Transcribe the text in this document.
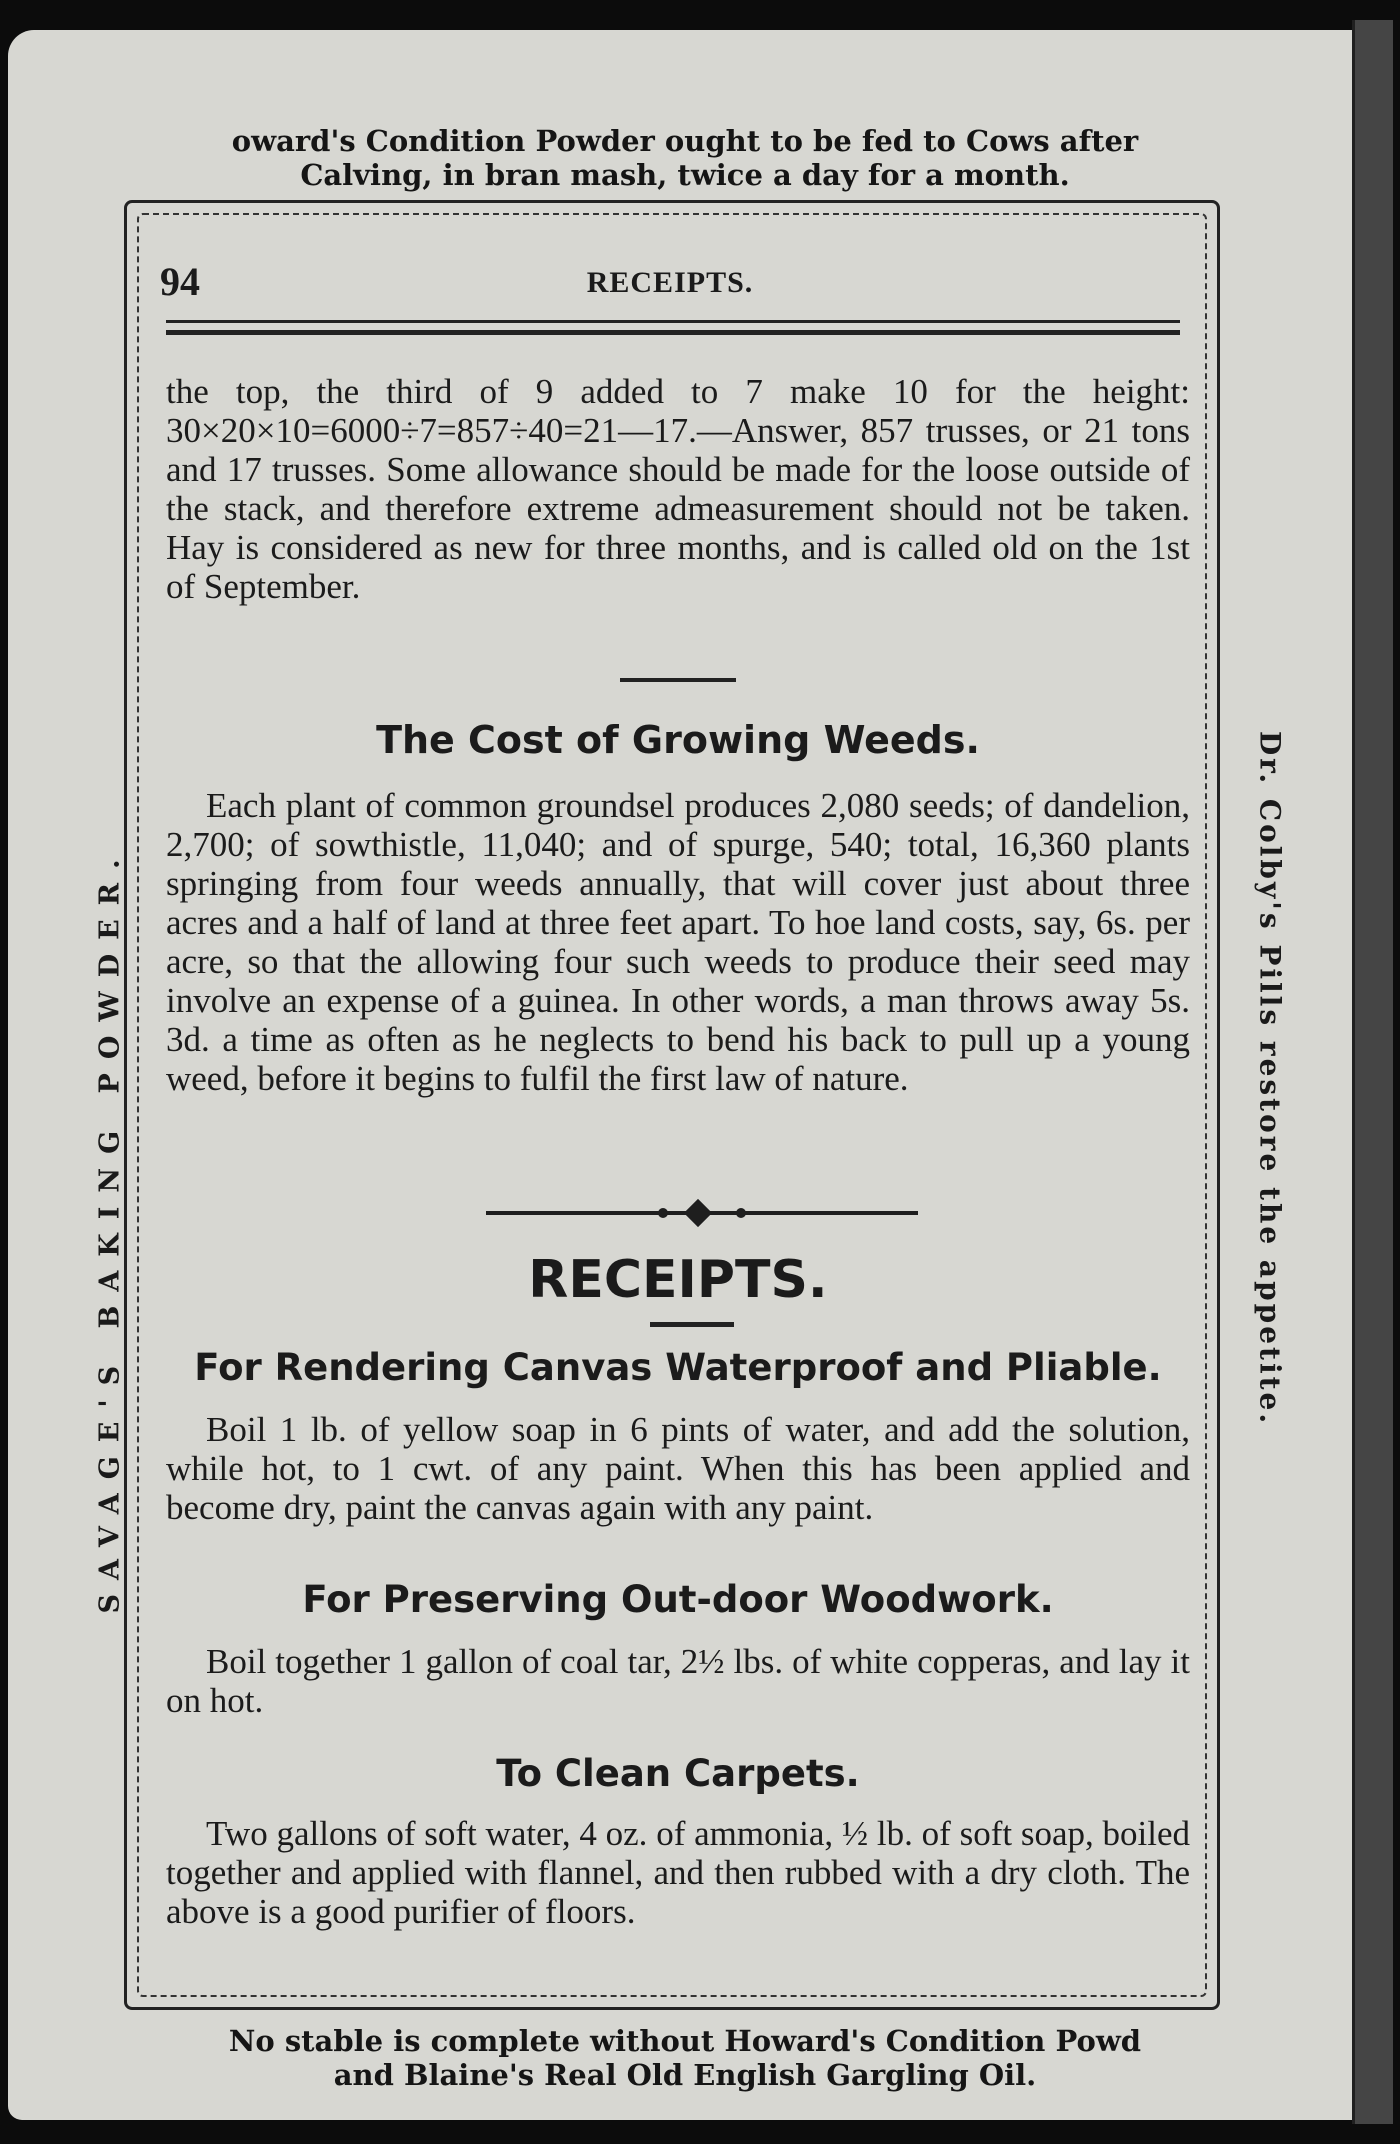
oward's Condition Powder ought to be fed to Cows after
Calving, in bran mash, twice a day for a month.
SAVAGE'S BAKING POWDER.	Dr. Colby's Pills restore the appetite.
94	RECEIPTS.

the top, the third of 9 added to 7 make 10 for the height: 30×20×10=6000÷7=857÷40=21—17.—Answer, 857 trusses, or 21 tons and 17 trusses. Some allowance should be made for the loose outside of the stack, and therefore extreme admeasurement should not be taken. Hay is considered as new for three months, and is called old on the 1st of September.

The Cost of Growing Weeds.

Each plant of common groundsel produces 2,080 seeds; of dandelion, 2,700; of sowthistle, 11,040; and of spurge, 540; total, 16,360 plants springing from four weeds annually, that will cover just about three acres and a half of land at three feet apart. To hoe land costs, say, 6s. per acre, so that the allowing four such weeds to produce their seed may involve an expense of a guinea. In other words, a man throws away 5s. 3d. a time as often as he neglects to bend his back to pull up a young weed, before it begins to fulfil the first law of nature.

RECEIPTS.
For Rendering Canvas Waterproof and Pliable.

Boil 1 lb. of yellow soap in 6 pints of water, and add the solution, while hot, to 1 cwt. of any paint. When this has been applied and become dry, paint the canvas again with any paint.

For Preserving Out-door Woodwork.

Boil together 1 gallon of coal tar, 2½ lbs. of white copperas, and lay it on hot.

To Clean Carpets.

Two gallons of soft water, 4 oz. of ammonia, ½ lb. of soft soap, boiled together and applied with flannel, and then rubbed with a dry cloth. The above is a good purifier of floors.

No stable is complete without Howard's Condition Powd
and Blaine's Real Old English Gargling Oil.
